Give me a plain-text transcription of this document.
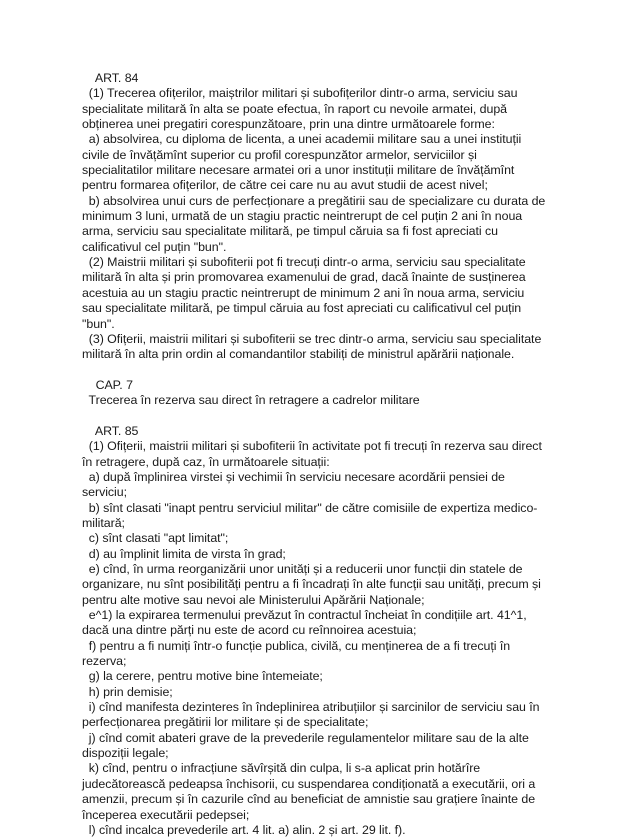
ART. 84
(1) Trecerea ofițerilor, maiștrilor militari și subofițerilor dintr-o arma, serviciu sau
specialitate militară în alta se poate efectua, în raport cu nevoile armatei, după
obținerea unei pregatiri corespunzătoare, prin una dintre următoarele forme:
a) absolvirea, cu diploma de licenta, a unei academii militare sau a unei instituții
civile de învățămînt superior cu profil corespunzător armelor, serviciilor și
specialitatilor militare necesare armatei ori a unor instituții militare de învățămînt
pentru formarea ofițerilor, de către cei care nu au avut studii de acest nivel;
b) absolvirea unui curs de perfecționare a pregătirii sau de specializare cu durata de
minimum 3 luni, urmată de un stagiu practic neintrerupt de cel puțin 2 ani în noua
arma, serviciu sau specialitate militară, pe timpul căruia sa fi fost apreciati cu
calificativul cel puțin "bun".
(2) Maistrii militari și subofiterii pot fi trecuți dintr-o arma, serviciu sau specialitate
militară în alta și prin promovarea examenului de grad, dacă înainte de susținerea
acestuia au un stagiu practic neintrerupt de minimum 2 ani în noua arma, serviciu
sau specialitate militară, pe timpul căruia au fost apreciati cu calificativul cel puțin
"bun".
(3) Ofițerii, maistrii militari și subofiterii se trec dintr-o arma, serviciu sau specialitate
militară în alta prin ordin al comandantilor stabiliți de ministrul apărării naționale.
CAP. 7
Trecerea în rezerva sau direct în retragere a cadrelor militare
ART. 85
(1) Ofițerii, maistrii militari și subofiterii în activitate pot fi trecuți în rezerva sau direct
în retragere, după caz, în următoarele situații:
a) după împlinirea virstei și vechimii în serviciu necesare acordării pensiei de
serviciu;
b) sînt clasati "inapt pentru serviciul militar" de către comisiile de expertiza medico-
militară;
c) sînt clasati "apt limitat";
d) au împlinit limita de virsta în grad;
e) cînd, în urma reorganizării unor unități și a reducerii unor funcții din statele de
organizare, nu sînt posibilități pentru a fi încadrați în alte funcții sau unități, precum și
pentru alte motive sau nevoi ale Ministerului Apărării Naționale;
e^1) la expirarea termenului prevăzut în contractul încheiat în condițiile art. 41^1,
dacă una dintre părți nu este de acord cu reînnoirea acestuia;
f) pentru a fi numiți într-o funcție publica, civilă, cu menținerea de a fi trecuți în
rezerva;
g) la cerere, pentru motive bine întemeiate;
h) prin demisie;
i) cînd manifesta dezinteres în îndeplinirea atribuțiilor și sarcinilor de serviciu sau în
perfecționarea pregătirii lor militare și de specialitate;
j) cînd comit abateri grave de la prevederile regulamentelor militare sau de la alte
dispoziții legale;
k) cînd, pentru o infracțiune săvîrșită din culpa, li s-a aplicat prin hotărîre
judecătorească pedeapsa închisorii, cu suspendarea condiționată a executării, ori a
amenzii, precum și în cazurile cînd au beneficiat de amnistie sau grațiere înainte de
începerea executării pedepsei;
l) cînd incalca prevederile art. 4 lit. a) alin. 2 și art. 29 lit. f).
